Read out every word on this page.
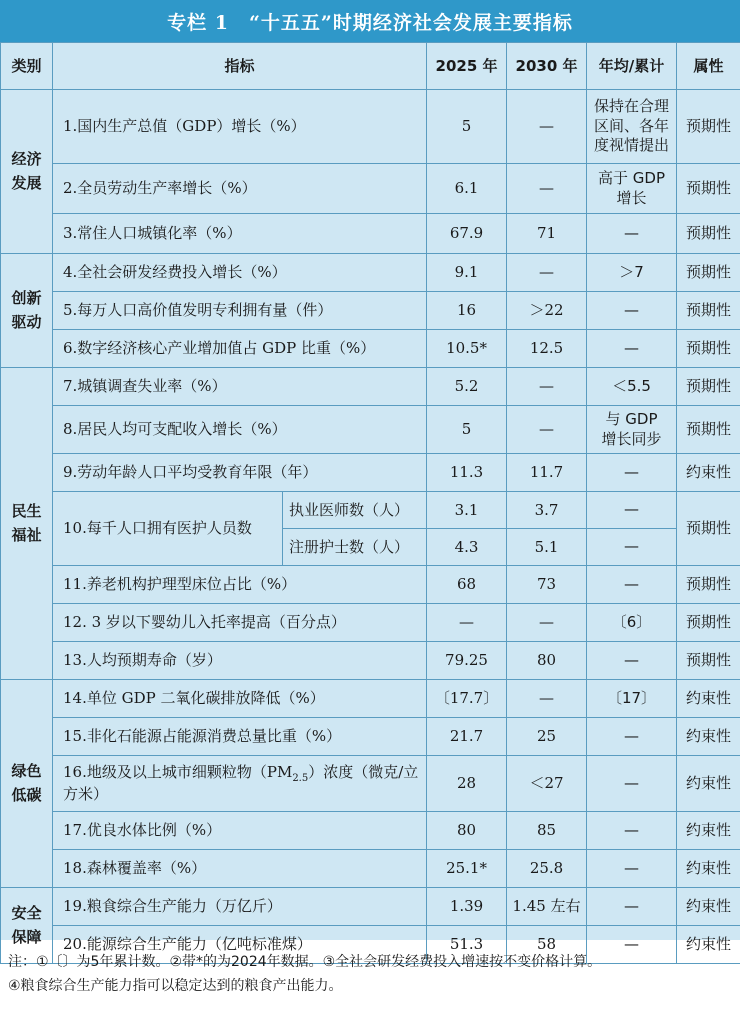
专栏 1　“十五五”时期经济社会发展主要指标
类别	指标		2025 年	2030 年	年均/累计	属性
经济
发展	1.国内生产总值（GDP）增长（%）		5	—	保持在合理
区间、各年
度视情提出	预期性
	2.全员劳动生产率增长（%）		6.1	—	高于 GDP
增长	预期性
	3.常住人口城镇化率（%）		67.9	71	—	预期性
创新
驱动	4.全社会研发经费投入增长（%）		9.1	—	＞7	预期性
	5.每万人口高价值发明专利拥有量（件）		16	＞22	—	预期性
	6.数字经济核心产业增加值占 GDP 比重（%）		10.5*	12.5	—	预期性
民生
福祉	7.城镇调查失业率（%）		5.2	—	＜5.5	预期性
	8.居民人均可支配收入增长（%）		5	—	与 GDP
增长同步	预期性
	9.劳动年龄人口平均受教育年限（年）		11.3	11.7	—	约束性
	10.每千人口拥有医护人员数	执业医师数（人）	3.1	3.7	—	预期性
		注册护士数（人）	4.3	5.1	—	
	11.养老机构护理型床位占比（%）		68	73	—	预期性
	12. 3 岁以下婴幼儿入托率提高（百分点）		—	—	〔6〕	预期性
	13.人均预期寿命（岁）		79.25	80	—	预期性
绿色
低碳	14.单位 GDP 二氧化碳排放降低（%）		〔17.7〕	—	〔17〕	约束性
	15.非化石能源占能源消费总量比重（%）		21.7	25	—	约束性
	16.地级及以上城市细颗粒物$(PM_{2.5})$浓度（微克/立方米）		28	＜27	—	约束性
	17.优良水体比例（%）		80	85	—	约束性
	18.森林覆盖率（%）		25.1*	25.8	—	约束性
安全
保障	19.粮食综合生产能力（万亿斤）		1.39	1.45 左右	—	约束性
	20.能源综合生产能力（亿吨标准煤）		51.3	58	—	约束性
注：①〔〕为5年累计数。②带*的为2024年数据。③全社会研发经费投入增速按不变价格计算。
④粮食综合生产能力指可以稳定达到的粮食产出能力。
